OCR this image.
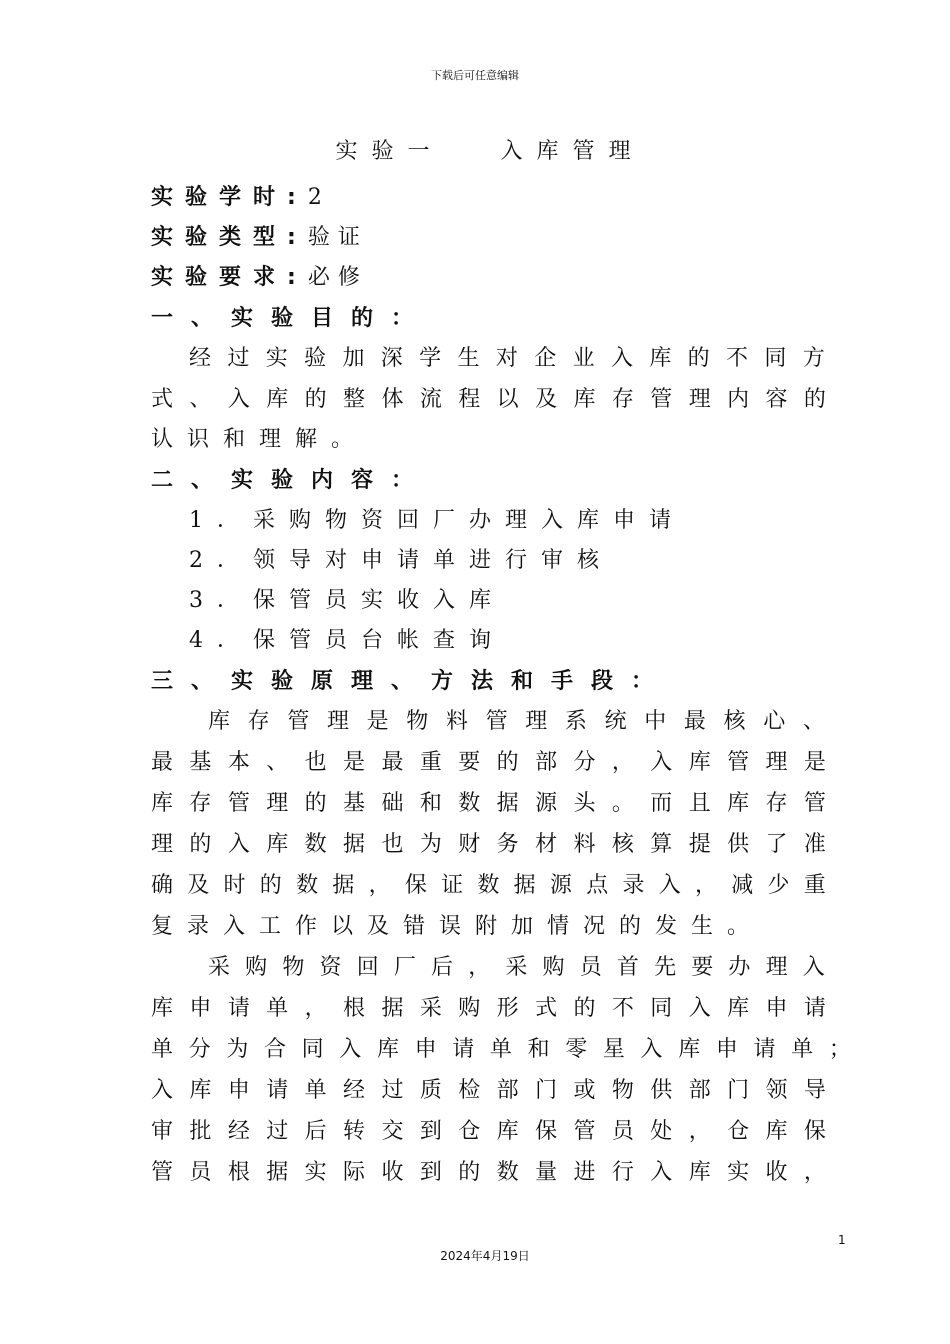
下载后可任意编辑
实验一　 入库管理
实验学时:2
实验类型:验证
实验要求:必修
一、实验目的：
经 过 实 验 加 深 学 生 对 企 业 入 库 的 不 同 方
式 、 入 库 的 整 体 流 程 以 及 库 存 管 理 内 容 的
认识和理解。
二、实验内容：
1．采购物资回厂办理入库申请
2．领导对申请单进行审核
3．保管员实收入库
4．保管员台帐查询
三、实验原理、方法和手段：
库 存 管 理 是 物 料 管 理 系 统 中 最 核 心 、
最 基 本 、 也 是 最 重 要 的 部 分 ， 入 库 管 理 是
库 存 管 理 的 基 础 和 数 据 源 头 。 而 且 库 存 管
理 的 入 库 数 据 也 为 财 务 材 料 核 算 提 供 了 准
确 及 时 的 数 据 ， 保 证 数 据 源 点 录 入 ， 减 少 重
复录入工作以及错误附加情况的发生。
采 购 物 资 回 厂 后 ， 采 购 员 首 先 要 办 理 入
库 申 请 单 ， 根 据 采 购 形 式 的 不 同 入 库 申 请
单 分 为 合 同 入 库 申 请 单 和 零 星 入 库 申 请 单 ；
入 库 申 请 单 经 过 质 检 部 门 或 物 供 部 门 领 导
审 批 经 过 后 转 交 到 仓 库 保 管 员 处 ， 仓 库 保
管 员 根 据 实 际 收 到 的 数 量 进 行 入 库 实 收 ，
1
2024年4月19日
